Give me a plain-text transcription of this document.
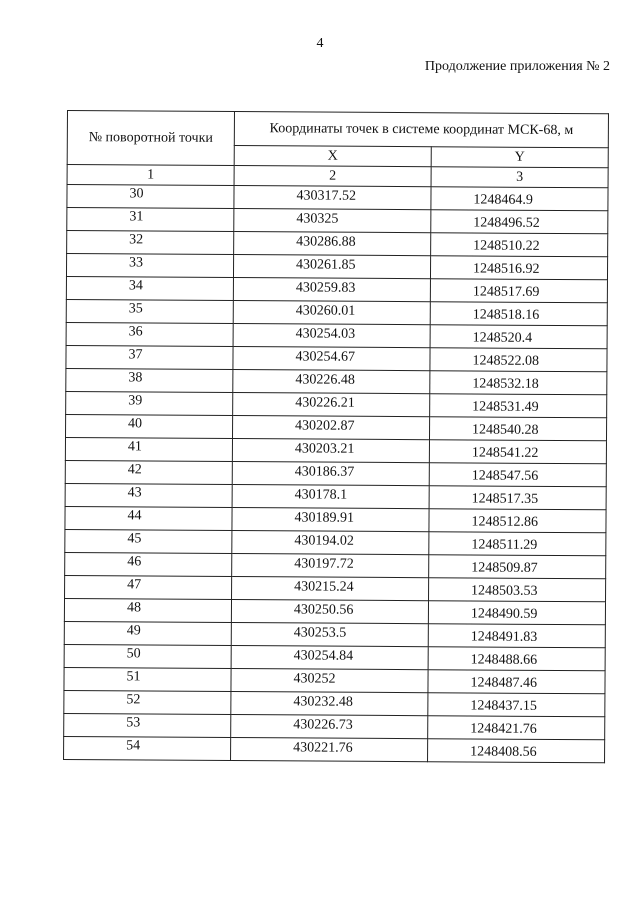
4
Продолжение приложения № 2
№ поворотной точки	Координаты точек в системе координат МСК-68, м	
	X	Y
1	2	3
30	430317.52	1248464.9
31	430325	1248496.52
32	430286.88	1248510.22
33	430261.85	1248516.92
34	430259.83	1248517.69
35	430260.01	1248518.16
36	430254.03	1248520.4
37	430254.67	1248522.08
38	430226.48	1248532.18
39	430226.21	1248531.49
40	430202.87	1248540.28
41	430203.21	1248541.22
42	430186.37	1248547.56
43	430178.1	1248517.35
44	430189.91	1248512.86
45	430194.02	1248511.29
46	430197.72	1248509.87
47	430215.24	1248503.53
48	430250.56	1248490.59
49	430253.5	1248491.83
50	430254.84	1248488.66
51	430252	1248487.46
52	430232.48	1248437.15
53	430226.73	1248421.76
54	430221.76	1248408.56
